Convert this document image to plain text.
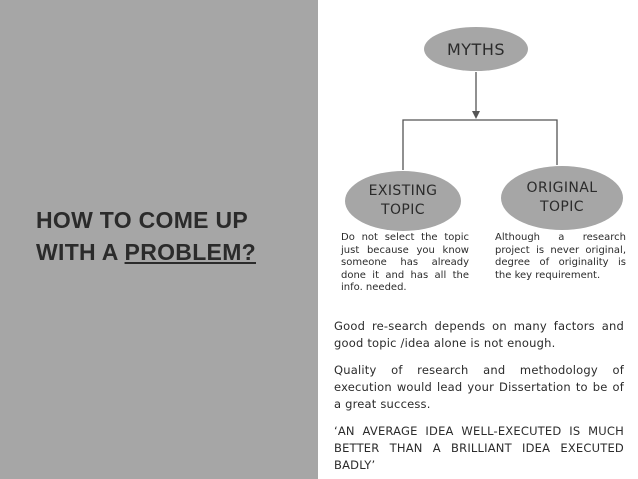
HOW TO COME UP
WITH A PROBLEM?
MYTHS
EXISTING
TOPIC
ORIGINAL
TOPIC
Do not select the topic just because you know someone has already done it and has all the info. needed.
Although a research project is never original, degree of originality is the key requirement.
Good re-search depends on many factors and good topic /idea alone is not enough.
Quality of research and methodology of execution would lead your Dissertation to be of a great success.
‘AN AVERAGE IDEA WELL-EXECUTED IS MUCH BETTER THAN A BRILLIANT IDEA EXECUTED BADLY’
